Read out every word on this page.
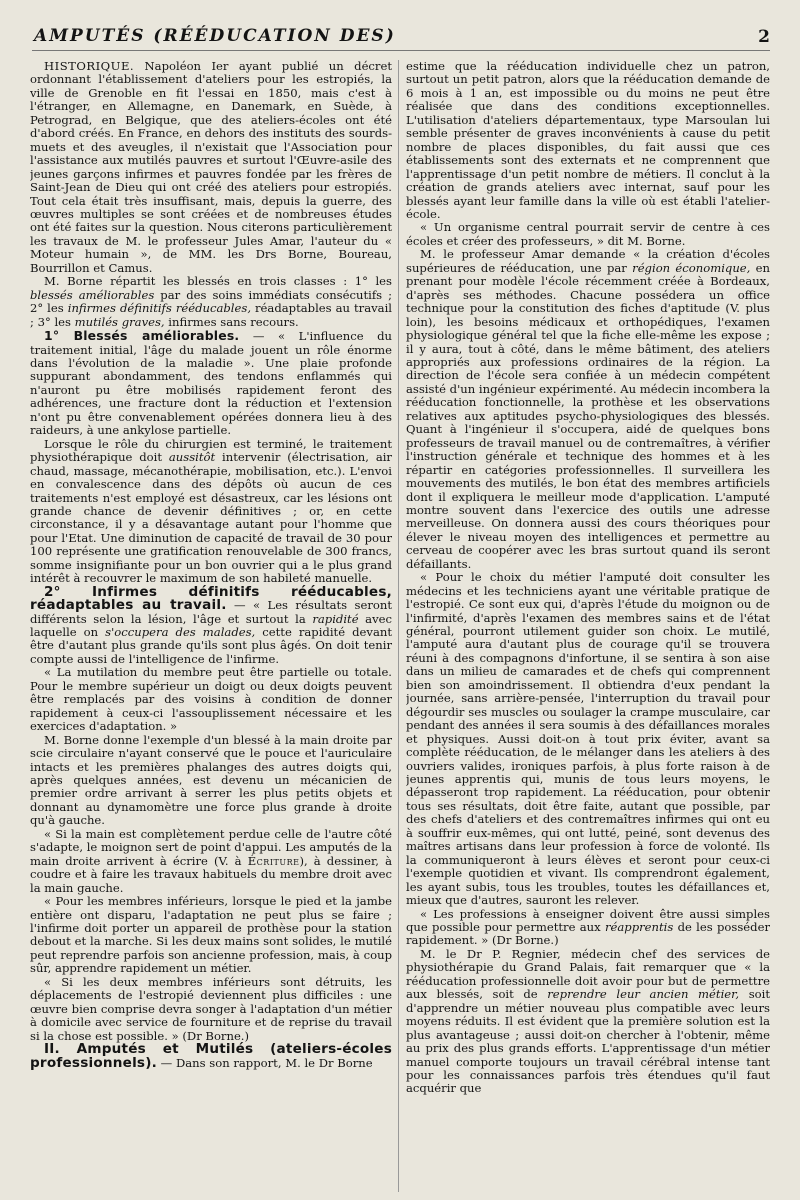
AMPUTÉS (RÉÉDUCATION DES)	2

HISTORIQUE. Napoléon Ier ayant publié un décret ordonnant l'établissement d'ateliers pour les estropiés, la ville de Grenoble en fit l'essai en 1850, mais c'est à l'étranger, en Allemagne, en Danemark, en Suède, à Petrograd, en Belgique, que des ateliers-écoles ont été d'abord créés. En France, en dehors des instituts des sourds-muets et des aveugles, il n'existait que l'Association pour l'assistance aux mutilés pauvres et surtout l'Œuvre-asile des jeunes garçons infirmes et pauvres fondée par les frères de Saint-Jean de Dieu qui ont créé des ateliers pour estropiés. Tout cela était très insuffisant, mais, depuis la guerre, des œuvres multiples se sont créées et de nombreuses études ont été faites sur la question. Nous citerons particulièrement les travaux de M. le professeur Jules Amar, l'auteur du « Moteur humain », de MM. les Drs Borne, Boureau, Bourrillon et Camus.

M. Borne répartit les blessés en trois classes : 1° les blessés améliorables par des soins immédiats consécutifs ; 2° les infirmes définitifs rééducables, réadaptables au travail ; 3° les mutilés graves, infirmes sans recours.

1° Blessés améliorables. — « L'influence du traitement initial, l'âge du malade jouent un rôle énorme dans l'évolution de la maladie ». Une plaie profonde suppurant abondamment, des tendons enflammés qui n'auront pu être mobilisés rapidement feront des adhérences, une fracture dont la réduction et l'extension n'ont pu être convenablement opérées donnera lieu à des raideurs, à une ankylose partielle.

Lorsque le rôle du chirurgien est terminé, le traitement physiothérapique doit aussitôt intervenir (électrisation, air chaud, massage, mécanothérapie, mobilisation, etc.). L'envoi en convalescence dans des dépôts où aucun de ces traitements n'est employé est désastreux, car les lésions ont grande chance de devenir définitives ; or, en cette circonstance, il y a désavantage autant pour l'homme que pour l'Etat. Une diminution de capacité de travail de 30 pour 100 représente une gratification renouvelable de 300 francs, somme insignifiante pour un bon ouvrier qui a le plus grand intérêt à recouvrer le maximum de son habileté manuelle.

2° Infirmes définitifs rééducables, réadaptables au travail. — « Les résultats seront différents selon la lésion, l'âge et surtout la rapidité avec laquelle on s'occupera des malades, cette rapidité devant être d'autant plus grande qu'ils sont plus âgés. On doit tenir compte aussi de l'intelligence de l'infirme.

« La mutilation du membre peut être partielle ou totale. Pour le membre supérieur un doigt ou deux doigts peuvent être remplacés par des voisins à condition de donner rapidement à ceux-ci l'assouplissement nécessaire et les exercices d'adaptation. »

M. Borne donne l'exemple d'un blessé à la main droite par scie circulaire n'ayant conservé que le pouce et l'auriculaire intacts et les premières phalanges des autres doigts qui, après quelques années, est devenu un mécanicien de premier ordre arrivant à serrer les plus petits objets et donnant au dynamomètre une force plus grande à droite qu'à gauche.

« Si la main est complètement perdue celle de l'autre côté s'adapte, le moignon sert de point d'appui. Les amputés de la main droite arrivent à écrire (V. à Écriture), à dessiner, à coudre et à faire les travaux habituels du membre droit avec la main gauche.

« Pour les membres inférieurs, lorsque le pied et la jambe entière ont disparu, l'adaptation ne peut plus se faire ; l'infirme doit porter un appareil de prothèse pour la station debout et la marche. Si les deux mains sont solides, le mutilé peut reprendre parfois son ancienne profession, mais, à coup sûr, apprendre rapidement un métier.

« Si les deux membres inférieurs sont détruits, les déplacements de l'estropié deviennent plus difficiles : une œuvre bien comprise devra songer à l'adaptation d'un métier à domicile avec service de fourniture et de reprise du travail si la chose est possible. » (Dr Borne.)

II. Amputés et Mutilés (ateliers-écoles professionnels). — Dans son rapport, M. le Dr Borne

estime que la rééducation individuelle chez un patron, surtout un petit patron, alors que la rééducation demande de 6 mois à 1 an, est impossible ou du moins ne peut être réalisée que dans des conditions exceptionnelles. L'utilisation d'ateliers départementaux, type Marsoulan lui semble présenter de graves inconvénients à cause du petit nombre de places disponibles, du fait aussi que ces établissements sont des externats et ne comprennent que l'apprentissage d'un petit nombre de métiers. Il conclut à la création de grands ateliers avec internat, sauf pour les blessés ayant leur famille dans la ville où est établi l'atelier-école.

« Un organisme central pourrait servir de centre à ces écoles et créer des professeurs, » dit M. Borne.

M. le professeur Amar demande « la création d'écoles supérieures de rééducation, une par région économique, en prenant pour modèle l'école récemment créée à Bordeaux, d'après ses méthodes. Chacune possédera un office technique pour la constitution des fiches d'aptitude (V. plus loin), les besoins médicaux et orthopédiques, l'examen physiologique général tel que la fiche elle-même les expose ; il y aura, tout à côté, dans le même bâtiment, des ateliers appropriés aux professions ordinaires de la région. La direction de l'école sera confiée à un médecin compétent assisté d'un ingénieur expérimenté. Au médecin incombera la rééducation fonctionnelle, la prothèse et les observations relatives aux aptitudes psycho-physiologiques des blessés. Quant à l'ingénieur il s'occupera, aidé de quelques bons professeurs de travail manuel ou de contremaîtres, à vérifier l'instruction générale et technique des hommes et à les répartir en catégories professionnelles. Il surveillera les mouvements des mutilés, le bon état des membres artificiels dont il expliquera le meilleur mode d'application. L'amputé montre souvent dans l'exercice des outils une adresse merveilleuse. On donnera aussi des cours théoriques pour élever le niveau moyen des intelligences et permettre au cerveau de coopérer avec les bras surtout quand ils seront défaillants.

« Pour le choix du métier l'amputé doit consulter les médecins et les techniciens ayant une véritable pratique de l'estropié. Ce sont eux qui, d'après l'étude du moignon ou de l'infirmité, d'après l'examen des membres sains et de l'état général, pourront utilement guider son choix. Le mutilé, l'amputé aura d'autant plus de courage qu'il se trouvera réuni à des compagnons d'infortune, il se sentira à son aise dans un milieu de camarades et de chefs qui comprennent bien son amoindrissement. Il obtiendra d'eux pendant la journée, sans arrière-pensée, l'interruption du travail pour dégourdir ses muscles ou soulager la crampe musculaire, car pendant des années il sera soumis à des défaillances morales et physiques. Aussi doit-on à tout prix éviter, avant sa complète rééducation, de le mélanger dans les ateliers à des ouvriers valides, ironiques parfois, à plus forte raison à de jeunes apprentis qui, munis de tous leurs moyens, le dépasseront trop rapidement. La rééducation, pour obtenir tous ses résultats, doit être faite, autant que possible, par des chefs d'ateliers et des contremaîtres infirmes qui ont eu à souffrir eux-mêmes, qui ont lutté, peiné, sont devenus des maîtres artisans dans leur profession à force de volonté. Ils la communiqueront à leurs élèves et seront pour ceux-ci l'exemple quotidien et vivant. Ils comprendront également, les ayant subis, tous les troubles, toutes les défaillances et, mieux que d'autres, sauront les relever.

« Les professions à enseigner doivent être aussi simples que possible pour permettre aux réapprentis de les posséder rapidement. » (Dr Borne.)

M. le Dr P. Regnier, médecin chef des services de physiothérapie du Grand Palais, fait remarquer que « la rééducation professionnelle doit avoir pour but de permettre aux blessés, soit de reprendre leur ancien métier, soit d'apprendre un métier nouveau plus compatible avec leurs moyens réduits. Il est évident que la première solution est la plus avantageuse ; aussi doit-on chercher à l'obtenir, même au prix des plus grands efforts. L'apprentissage d'un métier manuel comporte toujours un travail cérébral intense tant pour les connaissances parfois très étendues qu'il faut acquérir que
